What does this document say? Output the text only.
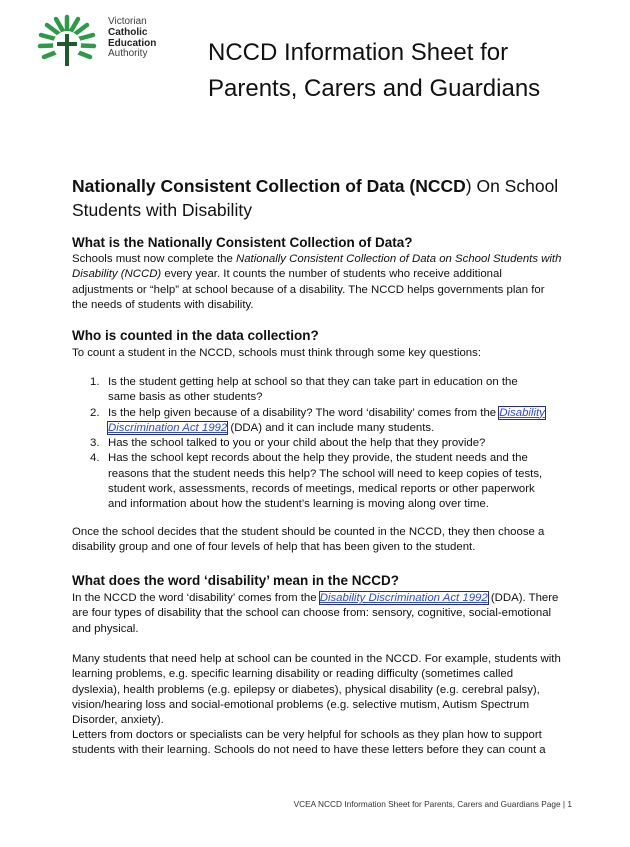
Victorian
Catholic
Education
Authority	NCCD Information Sheet for
Parents, Carers and Guardians
Nationally Consistent Collection of Data (NCCD) On School Students with Disability
What is the Nationally Consistent Collection of Data?

Schools must now complete the Nationally Consistent Collection of Data on School Students with Disability (NCCD) every year. It counts the number of students who receive additional adjustments or “help” at school because of a disability. The NCCD helps governments plan for the needs of students with disability.

Who is counted in the data collection?

To count a student in the NCCD, schools must think through some key questions:

1. Is the student getting help at school so that they can take part in education on the same basis as other students?
2. Is the help given because of a disability? The word ‘disability’ comes from the Disability Discrimination Act 1992 (DDA) and it can include many students.
3. Has the school talked to you or your child about the help that they provide?
4. Has the school kept records about the help they provide, the student needs and the reasons that the student needs this help? The school will need to keep copies of tests, student work, assessments, records of meetings, medical reports or other paperwork and information about how the student’s learning is moving along over time.

Once the school decides that the student should be counted in the NCCD, they then choose a disability group and one of four levels of help that has been given to the student.

What does the word ‘disability’ mean in the NCCD?

In the NCCD the word ‘disability’ comes from the Disability Discrimination Act 1992 (DDA). There are four types of disability that the school can choose from: sensory, cognitive, social-emotional and physical.

Many students that need help at school can be counted in the NCCD. For example, students with learning problems, e.g. specific learning disability or reading difficulty (sometimes called dyslexia), health problems (e.g. epilepsy or diabetes), physical disability (e.g. cerebral palsy), vision/hearing loss and social-emotional problems (e.g. selective mutism, Autism Spectrum Disorder, anxiety).

Letters from doctors or specialists can be very helpful for schools as they plan how to support students with their learning. Schools do not need to have these letters before they can count a

VCEA NCCD Information Sheet for Parents, Carers and Guardians Page | 1
